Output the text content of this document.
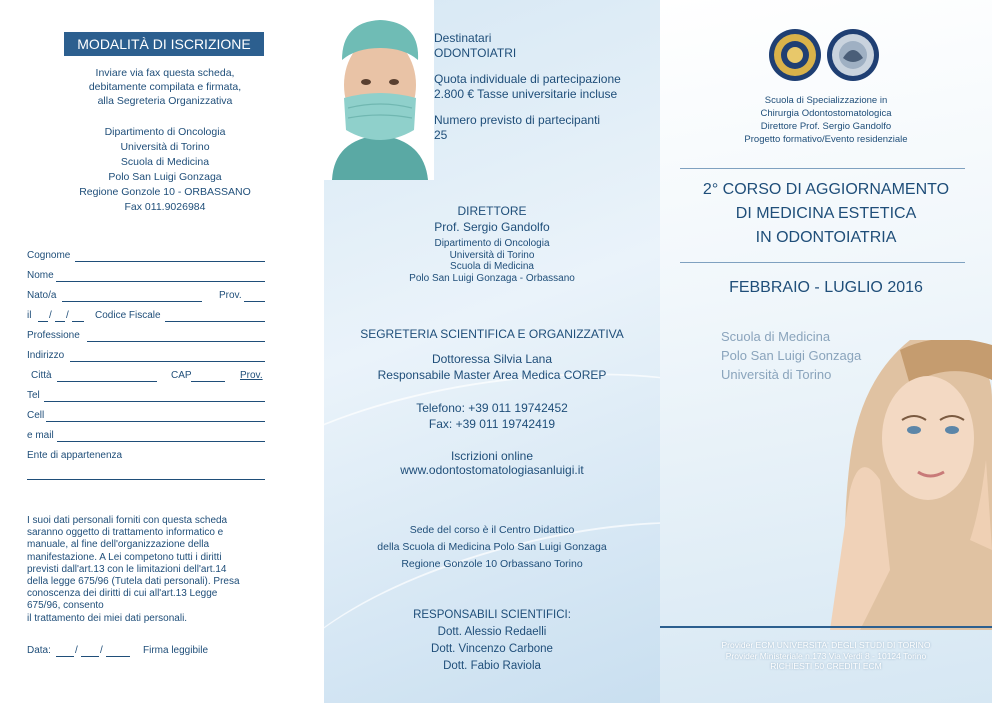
MODALITÀ DI ISCRIZIONE
Inviare via fax questa scheda,
debitamente compilata e firmata,
alla Segreteria Organizzativa
Dipartimento di Oncologia
Università di Torino
Scuola di Medicina
Polo San Luigi Gonzaga
Regione Gonzole 10 - ORBASSANO
Fax 011.9026984
Cognome
Nome
Nato/a	Prov.
il	/ /	Codice Fiscale
Professione
Indirizzo
Città	CAP	Prov.
Tel
Cell
e mail
Ente di appartenenza
I suoi dati personali forniti con questa scheda
saranno oggetto di trattamento informatico e
manuale, al fine dell'organizzazione della
manifestazione. A Lei competono tutti i diritti
previsti dall'art.13 con le limitazioni dell'art.14
della legge 675/96 (Tutela dati personali). Presa
conoscenza dei diritti di cui all'art.13 Legge
675/96, consento
il trattamento dei miei dati personali.
Data: / /	Firma leggibile
Destinatari
ODONTOIATRI
Quota individuale di partecipazione
2.800 € Tasse universitarie incluse
Numero previsto di partecipanti
25
DIRETTORE
Prof. Sergio Gandolfo
Dipartimento di Oncologia
Università di Torino
Scuola di Medicina
Polo San Luigi Gonzaga - Orbassano
SEGRETERIA SCIENTIFICA E ORGANIZZATIVA
Dottoressa Silvia Lana
Responsabile Master Area Medica COREP
Telefono: +39 011 19742452
Fax: +39 011 19742419
Iscrizioni online
www.odontostomatologiasanluigi.it
Sede del corso è il Centro Didattico
della Scuola di Medicina Polo San Luigi Gonzaga
Regione Gonzole 10 Orbassano Torino
RESPONSABILI SCIENTIFICI:
Dott. Alessio Redaelli
Dott. Vincenzo Carbone
Dott. Fabio Raviola
Scuola di Specializzazione in
Chirurgia Odontostomatologica
Direttore Prof. Sergio Gandolfo
Progetto formativo/Evento residenziale
2° CORSO DI AGGIORNAMENTO
DI MEDICINA ESTETICA
IN ODONTOIATRIA
FEBBRAIO - LUGLIO 2016
Scuola di Medicina
Polo San Luigi Gonzaga
Università di Torino
Provider ECM UNIVERSITA' DEGLI STUDI DI TORINO
Provider Ministeriale n.173 Via Verdi 8 - 10124 Torino
RICHIESTI 50 CREDITI ECM
